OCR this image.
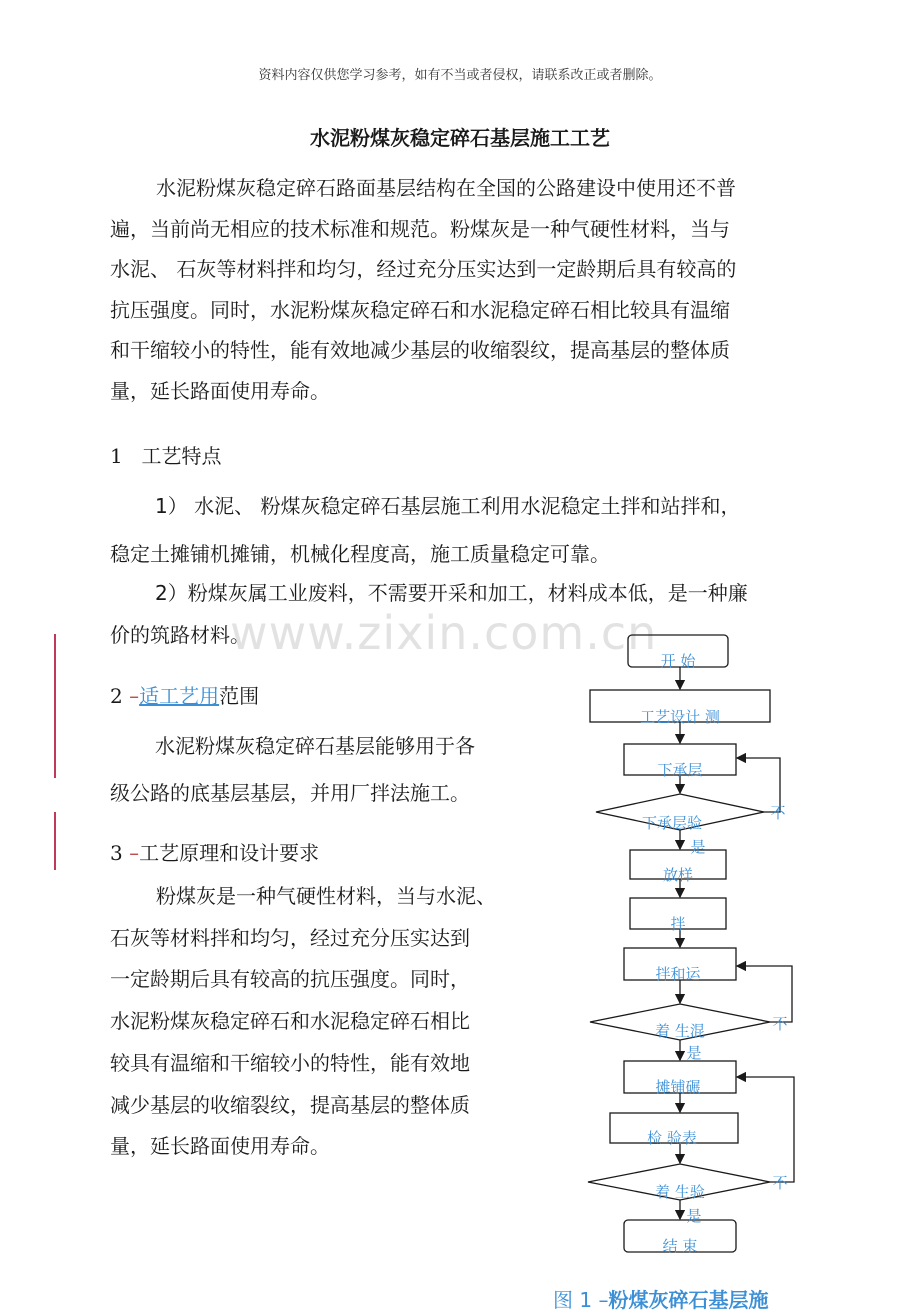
资料内容仅供您学习参考，如有不当或者侵权，请联系改正或者删除。
水泥粉煤灰稳定碎石基层施工工艺
水泥粉煤灰稳定碎石路面基层结构在全国的公路建设中使用还不普
遍，当前尚无相应的技术标准和规范。粉煤灰是一种气硬性材料，当与
水泥、 石灰等材料拌和均匀，经过充分压实达到一定龄期后具有较高的
抗压强度。同时，水泥粉煤灰稳定碎石和水泥稳定碎石相比较具有温缩
和干缩较小的特性，能有效地减少基层的收缩裂纹，提高基层的整体质
量，延长路面使用寿命。
1 工艺特点
1） 水泥、 粉煤灰稳定碎石基层施工利用水泥稳定土拌和站拌和，
稳定土摊铺机摊铺，机械化程度高，施工质量稳定可靠。
2）粉煤灰属工业废料，不需要开采和加工，材料成本低，是一种廉
价的筑路材料。
www.zixin.com.cn
2 –适工艺用范围
水泥粉煤灰稳定碎石基层能够用于各
级公路的底基层基层，并用厂拌法施工。
3 –工艺原理和设计要求
粉煤灰是一种气硬性材料，当与水泥、
石灰等材料拌和均匀，经过充分压实达到
一定龄期后具有较高的抗压强度。同时，
水泥粉煤灰稳定碎石和水泥稳定碎石相比
较具有温缩和干缩较小的特性，能有效地
减少基层的收缩裂纹，提高基层的整体质
量，延长路面使用寿命。
开 始
工艺设计 测
下承层
下承层验
是
不
放样
拌
拌和运
着 生混
是
不
摊铺碾
检 验表
着 生验
是
不
结 束
图 1 –粉煤灰碎石基层施
